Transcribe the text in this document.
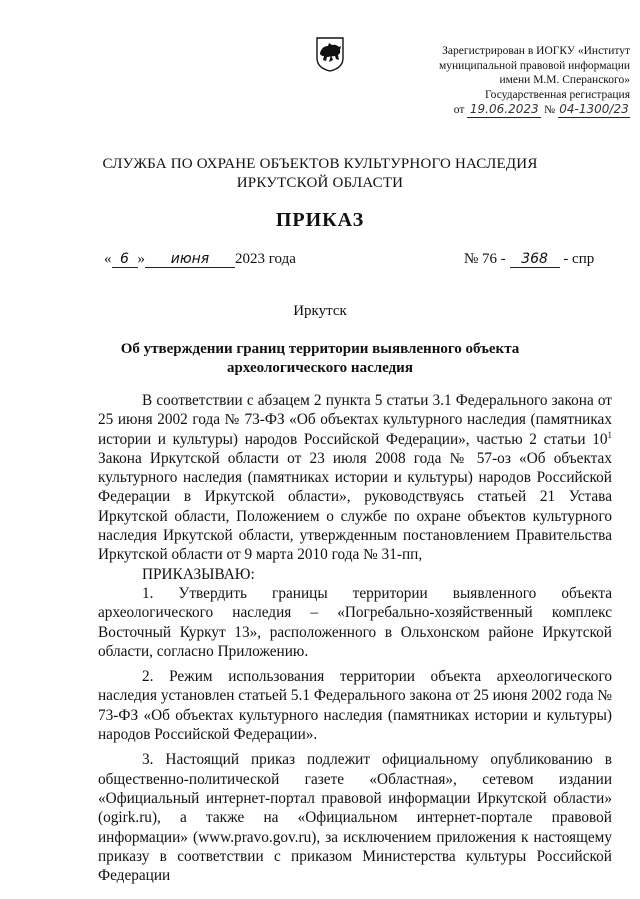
Зарегистрирован в ИОГКУ «Институт
муниципальной правовой информации
имени М.М. Сперанского»
Государственная регистрация
от 19.06.2023 № 04-1300/23
СЛУЖБА ПО ОХРАНЕ ОБЪЕКТОВ КУЛЬТУРНОГО НАСЛЕДИЯ
ИРКУТСКОЙ ОБЛАСТИ
ПРИКАЗ
« 6 » июня 2023 года	№ 76 - 368 - спр
Иркутск
Об утверждении границ территории выявленного объекта
археологического наследия

В соответствии с абзацем 2 пункта 5 статьи 3.1 Федерального закона от 25 июня 2002 года № 73-ФЗ «Об объектах культурного наследия (памятниках истории и культуры) народов Российской Федерации», частью 2 статьи $10^1$ Закона Иркутской области от 23 июля 2008 года № 57-оз «Об объектах культурного наследия (памятниках истории и культуры) народов Российской Федерации в Иркутской области», руководствуясь статьей 21 Устава Иркутской области, Положением о службе по охране объектов культурного наследия Иркутской области, утвержденным постановлением Правительства Иркутской области от 9 марта 2010 года № 31-пп,

ПРИКАЗЫВАЮ:

1. Утвердить границы территории выявленного объекта археологического наследия – «Погребально-хозяйственный комплекс Восточный Куркут 13», расположенного в Ольхонском районе Иркутской области, согласно Приложению.

2. Режим использования территории объекта археологического наследия установлен статьей 5.1 Федерального закона от 25 июня 2002 года № 73-ФЗ «Об объектах культурного наследия (памятниках истории и культуры) народов Российской Федерации».

3. Настоящий приказ подлежит официальному опубликованию в общественно-политической газете «Областная», сетевом издании «Официальный интернет-портал правовой информации Иркутской области» (ogirk.ru), а также на «Официальном интернет-портале правовой информации» (www.pravo.gov.ru), за исключением приложения к настоящему приказу в соответствии с приказом Министерства культуры Российской Федерации
